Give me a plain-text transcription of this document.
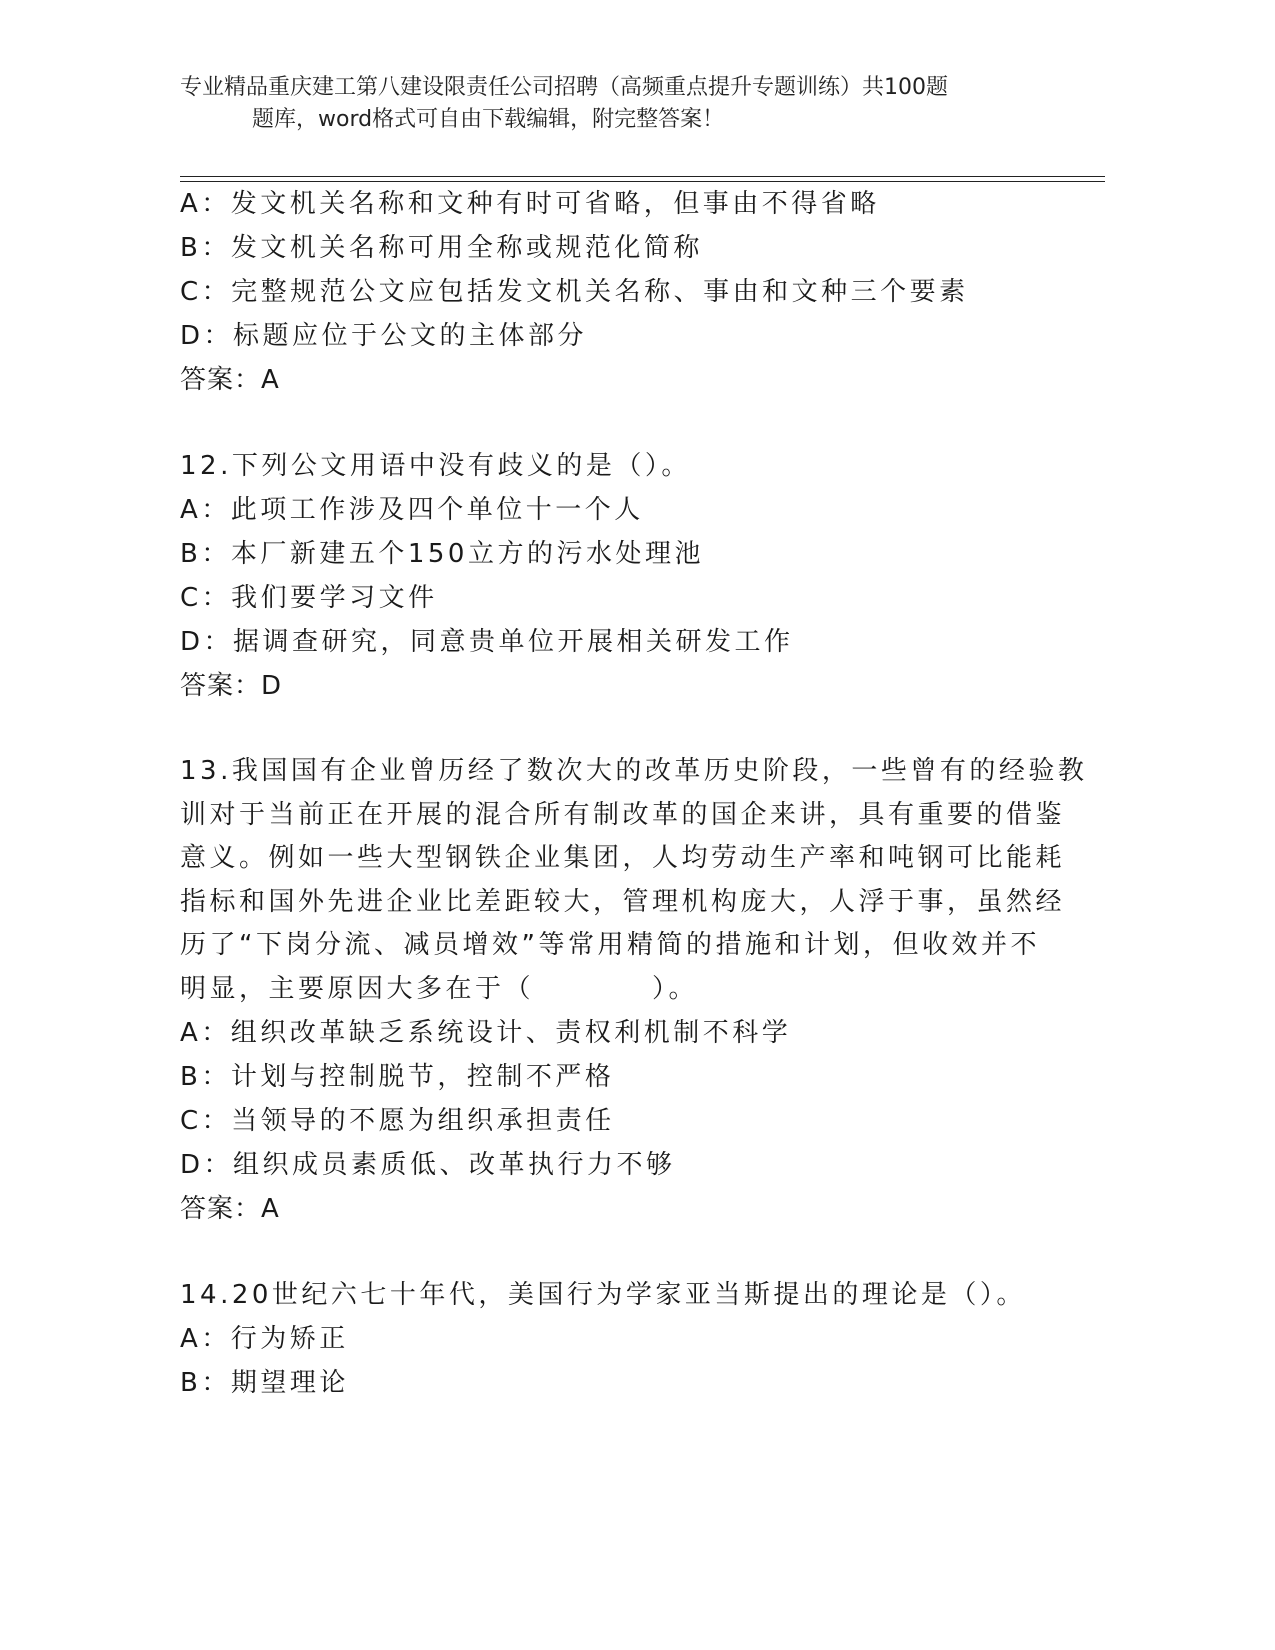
专业精品重庆建工第八建设限责任公司招聘（高频重点提升专题训练）共100题
题库，word格式可自由下载编辑，附完整答案！
A：发文机关名称和文种有时可省略，但事由不得省略
B：发文机关名称可用全称或规范化简称
C：完整规范公文应包括发文机关名称、事由和文种三个要素
D：标题应位于公文的主体部分
答案：A
12.下列公文用语中没有歧义的是（）。
A：此项工作涉及四个单位十一个人
B：本厂新建五个150立方的污水处理池
C：我们要学习文件
D：据调查研究，同意贵单位开展相关研发工作
答案：D
13.我国国有企业曾历经了数次大的改革历史阶段，一些曾有的经验教
训对于当前正在开展的混合所有制改革的国企来讲，具有重要的借鉴
意义。例如一些大型钢铁企业集团，人均劳动生产率和吨钢可比能耗
指标和国外先进企业比差距较大，管理机构庞大，人浮于事，虽然经
历了“下岗分流、减员增效”等常用精简的措施和计划，但收效并不
明显，主要原因大多在于（　　　　）。
A：组织改革缺乏系统设计、责权利机制不科学
B：计划与控制脱节，控制不严格
C：当领导的不愿为组织承担责任
D：组织成员素质低、改革执行力不够
答案：A
14.20世纪六七十年代，美国行为学家亚当斯提出的理论是（）。
A：行为矫正
B：期望理论
